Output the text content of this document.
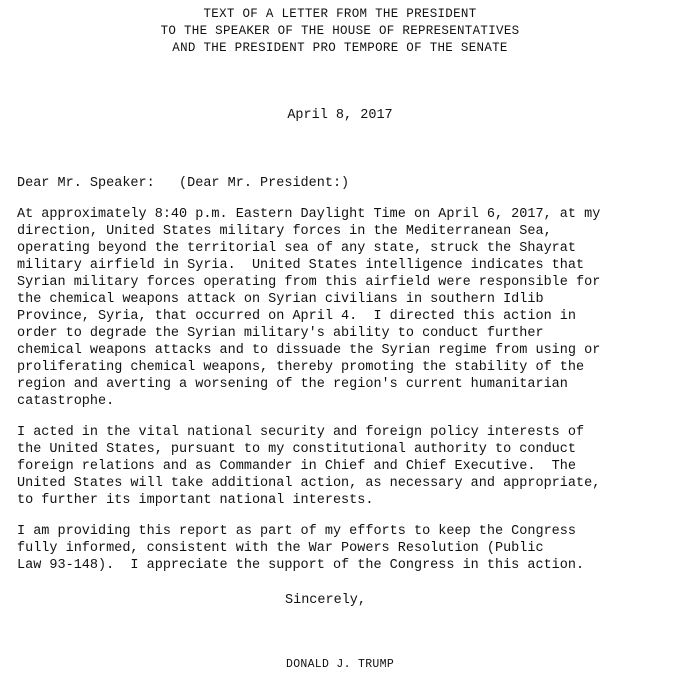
TEXT OF A LETTER FROM THE PRESIDENT
TO THE SPEAKER OF THE HOUSE OF REPRESENTATIVES
AND THE PRESIDENT PRO TEMPORE OF THE SENATE
April 8, 2017
Dear Mr. Speaker:   (Dear Mr. President:)
At approximately 8:40 p.m. Eastern Daylight Time on April 6, 2017, at my
direction, United States military forces in the Mediterranean Sea,
operating beyond the territorial sea of any state, struck the Shayrat
military airfield in Syria.  United States intelligence indicates that
Syrian military forces operating from this airfield were responsible for
the chemical weapons attack on Syrian civilians in southern Idlib
Province, Syria, that occurred on April 4.  I directed this action in
order to degrade the Syrian military's ability to conduct further
chemical weapons attacks and to dissuade the Syrian regime from using or
proliferating chemical weapons, thereby promoting the stability of the
region and averting a worsening of the region's current humanitarian
catastrophe.
I acted in the vital national security and foreign policy interests of
the United States, pursuant to my constitutional authority to conduct
foreign relations and as Commander in Chief and Chief Executive.  The
United States will take additional action, as necessary and appropriate,
to further its important national interests.
I am providing this report as part of my efforts to keep the Congress
fully informed, consistent with the War Powers Resolution (Public
Law 93-148).  I appreciate the support of the Congress in this action.
Sincerely,
DONALD J. TRUMP
